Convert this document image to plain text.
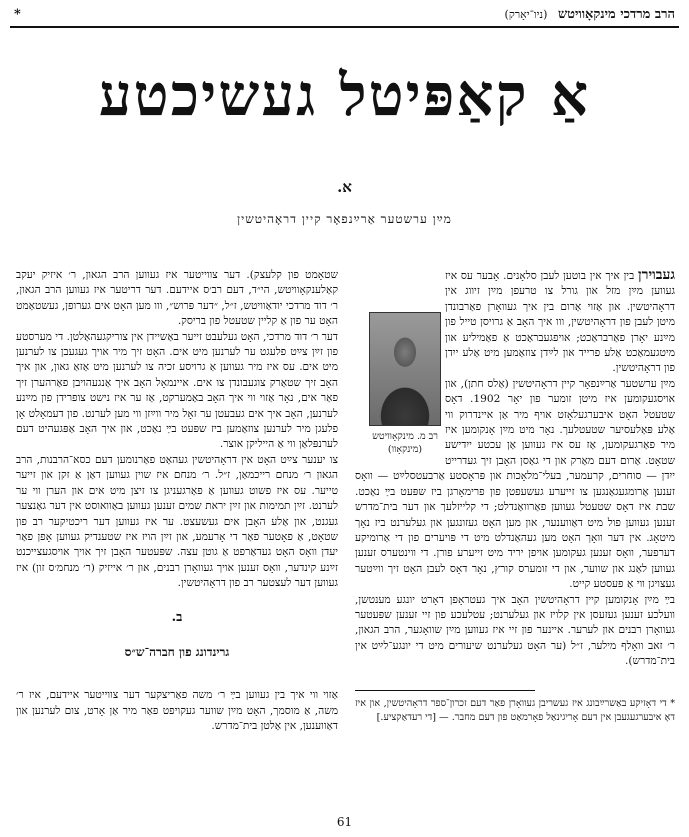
הרב מרדכי מינקאָוויטש (ניו־יאָרק)
*
אַ קאַפּיטל געשיכטע
א.
מײַן ערשטער אַרײַנפאָר קיין דראָהיטשין
רב מ. מינקאָוויטש (מינקאָוו)

געבוירן בין איך אין בוטען לעבן סלאָנים. אָבער עס איז געווען מײַן מזל און גורל צו טרעפן מײַן זיווג אין דראָהיטשין. און אַזוי אַרום בין איך געוואָרן פאַרבונדן מיטן לעבן פון דראָהיטשין, ווו איך האָב אַ גרויסן טייל פון מײַנע יאָרן פאַרבראַכט; אויפגעבראַכט אַ פאַמיליע און מיטגעמאַכט אַלע פרייד און לײַדן צוזאַמען מיט אַלע ייִדן פון דראָהיטשין.

מײַן ערשטער אַרײַנפאָר קיין דראָהיטשין (אַלס חתן), און אויסגעקומען איז מיטן זומער פון יאָר 1902. דאָס שטעטל האָט איבערגעלאָזט אויף מיר אַן איינדרוק ווי אַלע פּאַלעסיער שטעטלעך. נאָר מיט מײַן אָנקומען איז מיר פאַרגעקומען, אַז עס איז געווען אַן עכטע ייִדישע שטאָט. אַרום דעם מאַרק און די גאַסן האָבן זיך געדרייט ייִדן — סוחרים, קרעמער, בעלי־מלאָכות און פּראָסטע אַרבעטסלײַט — וואָס זענען אַרומגעגאַנגען צו זייערע געשעפטן פון פרימאָרגן ביז שפּעט בײַ נאַכט. שבת איז דאָס שטעטל געווען פאַרוואַנדלט; די קלייזלעך און דער בית־מדרש זענען געווען פול מיט דאַווענער, און מען האָט געזונגען און געלערנט ביז נאָך מיטאָג. אין דער וואָך האָט מען געהאַנדלט מיט די פּויערים פון די אַרומיקע דערפער, וואָס זענען געקומען אויפן יריד מיט זייערע פורן. די ווינטערס זענען געווען לאַנג און שווער, און די זומערס קורץ, נאָר דאָס לעבן האָט זיך ווײַטער געצויגן ווי אַ פעסטע קייט.

בײַ מײַן אָנקומען קיין דראָהיטשין האָב איך געטראָפן דאָרט יונגע מענטשן, וועלכע זענען געזעסן אין קלויז און געלערנט; עטלעכע פון זיי זענען שפּעטער געוואָרן רבנים און לערער. איינער פון זיי איז געווען מײַן שוואָגער, הרב הגאון, ר׳ זאב וואָלף מילער, ז״ל (ער האָט געלערנט שיעורים מיט די יונגע־לײַט אין בית־מדרש).

* די דאָזיקע באַשרײַבונג איז געשריבן געוואָרן פאַר דעם זכרון־ספר דראָהיטשין, און איז דאָ איבערגעגעבן אין דעם אָריגינאַל פאָרמאַט פון דעם מחבר. — [די רעדאַקציע.]

שטאָמט פון קלעצק). דער צווייטער איז געווען הרב הגאון, ר׳ איזיק יעקב קאַלענקאָוויטש, הי״ד, דעם רב׳ס איידעם. דער דריטער איז געווען הרב הגאון, ר׳ דוד מרדכי יודאַוויטש, ז״ל, ״דער פּרוש״, ווו מען האָט אים גערופן, געשטאַמט האָט ער פון אַ קליין שטעטל פון בריסק.

דער ר׳ דוד מרדכי, האָט געלעבט זייער באַשיידן אין צוריקגעהאַלטן. די מערסטע פון זײַן צײַט פלעגט ער לערנען מיט אים. האָט זיך מיר אויך געגעבן צו לערנען מיט אים. עס איז מיר געווען אַ גרויסע זכיה צו לערנען מיט אַזאַ גאון, און איך האָב זיך שטאַרק צוגעבונדן צו אים. איינמאָל האָב איך אַנגעהויבן פאַרהערן זיך פאַר אים, נאָר אַזוי ווי איך האָב באַמערקט, אַז ער איז נישט צופרידן פון מײַנע לערנען, האָב איך אים געבעטן ער זאָל מיר ווײַזן ווי מען לערנט. פון דעמאָלט אָן פלעגן מיר לערנען צוזאַמען ביז שפּעט בײַ נאַכט, און איך האָב אַפּגעהיט דעם לערנפּלאַן ווי אַ הייליקן אוצר.

צו יענער צײַט האָט אין דראָהיטשין געהאַט פאַרנומען דעם כסא־הרבנות, הרב הגאון ר׳ מנחם רייכמאַן, ז״ל. ר׳ מנחם איז שוין געווען דאַן אַ זקן און זייער טייער. עס איז פשוט געווען אַ פאַרגעניגן צו זיצן מיט אים און הערן ווי ער לערנט. זײַן תמימות און זײַן יראת שמים זענען געווען באַוואוסט אין דער גאַנצער געגנט, און אַלע האָבן אים געשעצט. ער איז געווען דער ריכטיקער רב פון שטאָט, אַ פאָטער פאַר די אָרעמע, און זײַן הויז איז שטענדיק געווען אָפן פאַר יעדן וואָס האָט געדאַרפט אַ גוטן עצה. שפּעטער האָבן זיך אויך אויסגעצייכנט זײַנע קינדער, וואָס זענען אויך געוואָרן רבנים, און ר׳ אייזיק (ר׳ מנחמ׳ס זון) איז געווען דער לעצטער רב פון דראָהיטשין.

ב.
גרינדונג פון חברה־ש״ס

אַזוי ווי איך בין געווען בײַ ר׳ משה פאַריצקער דער צווייטער איידעם, איז ר׳ משה, אַ מוסמך, האָט מײַן שווער געקויפט פאַר מיר אַן אָרט, צום לערנען און דאַווענען, אין אַלטן בית־מדרש.

61
